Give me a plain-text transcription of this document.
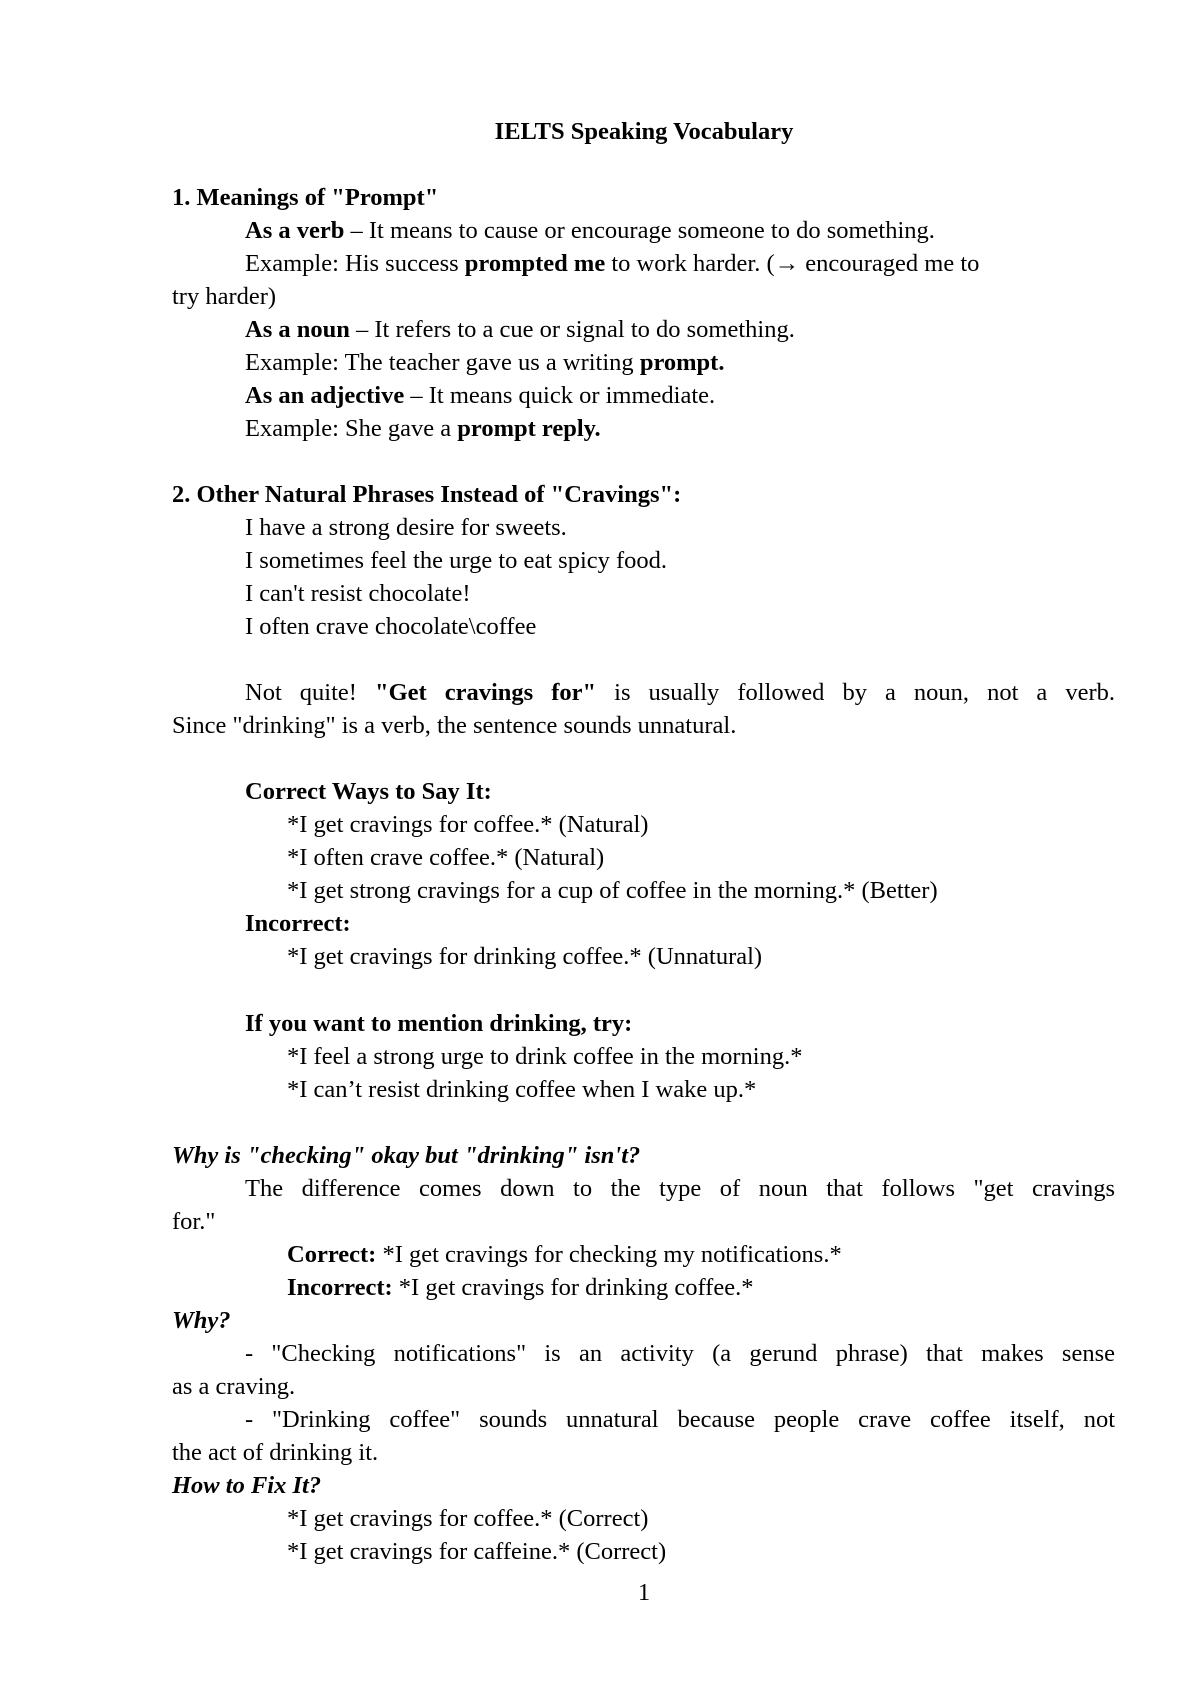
IELTS Speaking Vocabulary
1. Meanings of "Prompt"
As a verb – It means to cause or encourage someone to do something.
Example: His success prompted me to work harder. (→ encouraged me to
try harder)
As a noun – It refers to a cue or signal to do something.
Example: The teacher gave us a writing prompt.
As an adjective – It means quick or immediate.
Example: She gave a prompt reply.
2. Other Natural Phrases Instead of "Cravings":
I have a strong desire for sweets.
I sometimes feel the urge to eat spicy food.
I can't resist chocolate!
I often crave chocolate\coffee
Not quite! "Get cravings for" is usually followed by a noun, not a verb.
Since "drinking" is a verb, the sentence sounds unnatural.
Correct Ways to Say It:
*I get cravings for coffee.* (Natural)
*I often crave coffee.* (Natural)
*I get strong cravings for a cup of coffee in the morning.* (Better)
Incorrect:
*I get cravings for drinking coffee.* (Unnatural)
If you want to mention drinking, try:
*I feel a strong urge to drink coffee in the morning.*
*I can’t resist drinking coffee when I wake up.*
Why is "checking" okay but "drinking" isn't?
The difference comes down to the type of noun that follows "get cravings
for."
Correct: *I get cravings for checking my notifications.*
Incorrect: *I get cravings for drinking coffee.*
Why?
- "Checking notifications" is an activity (a gerund phrase) that makes sense
as a craving.
- "Drinking coffee" sounds unnatural because people crave coffee itself, not
the act of drinking it.
How to Fix It?
*I get cravings for coffee.* (Correct)
*I get cravings for caffeine.* (Correct)
1
